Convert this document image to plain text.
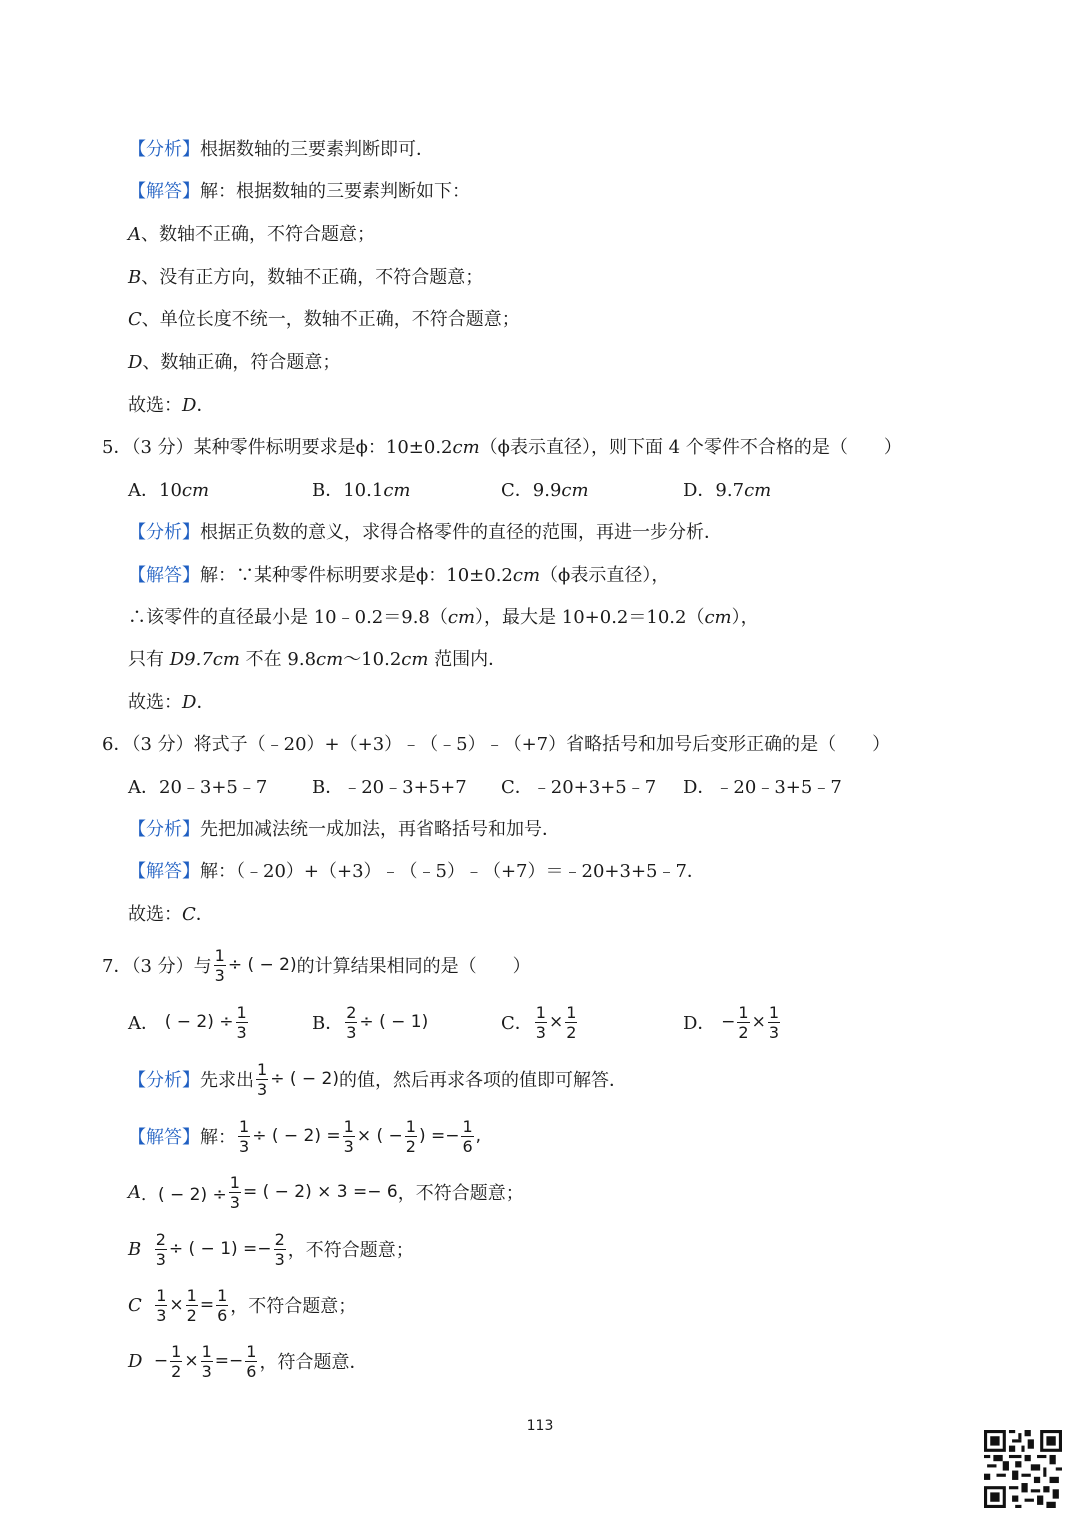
【分析】根据数轴的三要素判断即可．
【解答】解：根据数轴的三要素判断如下：
A、数轴不正确，不符合题意；
B、没有正方向，数轴不正确，不符合题意；
C、单位长度不统一，数轴不正确，不符合题意；
D、数轴正确，符合题意；
故选：D．
5．（3 分）某种零件标明要求是ϕ：10±0.2cm（ϕ表示直径），则下面 4 个零件不合格的是（　　）
A．10cm	B．10.1cm	C．9.9cm	D．9.7cm
【分析】根据正负数的意义，求得合格零件的直径的范围，再进一步分析．
【解答】解：∵某种零件标明要求是ϕ：10±0.2cm（ϕ表示直径），
∴该零件的直径最小是 10﹣0.2＝9.8（cm），最大是 10+0.2＝10.2（cm），
只有 D9.7cm 不在 9.8cm～10.2cm 范围内．
故选：D．
6．（3 分）将式子（﹣20）+（+3）﹣（﹣5）﹣（+7）省略括号和加号后变形正确的是（　　）
A．20﹣3+5﹣7 B．﹣20﹣3+5+7 C．﹣20+3+5﹣7 D．﹣20﹣3+5﹣7
【分析】先把加减法统一成加法，再省略括号和加号．
【解答】解：（﹣20）+（+3）﹣（﹣5）﹣（+7）＝﹣20+3+5﹣7．
故选：C．
7．（3 分）与 $\frac{1}{3}$ ÷ ( − 2) 的计算结果相同的是（　　）
A．
( − $2) \div \frac{1}{3}$	B． $\frac{2}{3}$ ÷ ( − 1)	C． $\frac{1}{3} \times \frac{1}{2}$	D．
− $\frac{1}{2} \times \frac{1}{3}$
【分析】 先求出 $\frac{1}{3}$ ÷ ( − 2) 的值，然后再求各项的值即可解答．
【解答】 解： $\frac{1}{3}$ ÷ ( − $2) = \frac{1}{3}$ × ( − $\frac{1}{2}$ ) =− $\frac{1}{6}$ ,
A ．( − $2) \div \frac{1}{3}$ = ( − 2) × 3 =− 6 ，不符合题意；
B
$\frac{2}{3}$ ÷ ( − $1) =- \frac{2}{3}$ ，不符合题意；
C
$\frac{1}{3} \times \frac{1}{2} = \frac{1}{6}$ ，不符合题意；
D
− $\frac{1}{2} \times \frac{1}{3} =- \frac{1}{6}$ ，符合题意．
113
